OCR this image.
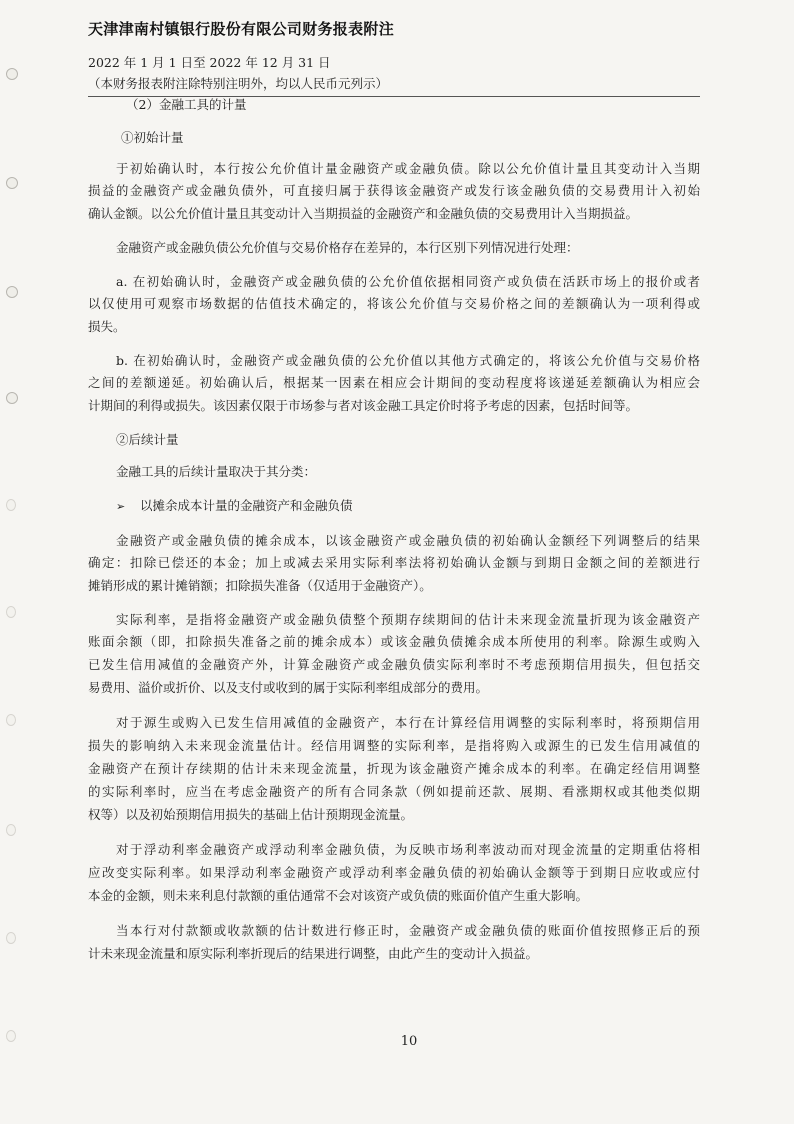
天津津南村镇银行股份有限公司财务报表附注
2022 年 1 月 1 日至 2022 年 12 月 31 日
（本财务报表附注除特别注明外，均以人民币元列示）
（2）金融工具的计量
①初始计量
于初始确认时，本行按公允价值计量金融资产或金融负债。除以公允价值计量且其变动计入当期
损益的金融资产或金融负债外，可直接归属于获得该金融资产或发行该金融负债的交易费用计入初始
确认金额。以公允价值计量且其变动计入当期损益的金融资产和金融负债的交易费用计入当期损益。
金融资产或金融负债公允价值与交易价格存在差异的，本行区别下列情况进行处理：
a. 在初始确认时，金融资产或金融负债的公允价值依据相同资产或负债在活跃市场上的报价或者
以仅使用可观察市场数据的估值技术确定的，将该公允价值与交易价格之间的差额确认为一项利得或
损失。
b. 在初始确认时，金融资产或金融负债的公允价值以其他方式确定的，将该公允价值与交易价格
之间的差额递延。初始确认后，根据某一因素在相应会计期间的变动程度将该递延差额确认为相应会
计期间的利得或损失。该因素仅限于市场参与者对该金融工具定价时将予考虑的因素，包括时间等。
②后续计量
金融工具的后续计量取决于其分类：
➢ 以摊余成本计量的金融资产和金融负债
金融资产或金融负债的摊余成本，以该金融资产或金融负债的初始确认金额经下列调整后的结果
确定：扣除已偿还的本金；加上或减去采用实际利率法将初始确认金额与到期日金额之间的差额进行
摊销形成的累计摊销额；扣除损失准备（仅适用于金融资产）。
实际利率，是指将金融资产或金融负债整个预期存续期间的估计未来现金流量折现为该金融资产
账面余额（即，扣除损失准备之前的摊余成本）或该金融负债摊余成本所使用的利率。除源生或购入
已发生信用减值的金融资产外，计算金融资产或金融负债实际利率时不考虑预期信用损失，但包括交
易费用、溢价或折价、以及支付或收到的属于实际利率组成部分的费用。
对于源生或购入已发生信用减值的金融资产，本行在计算经信用调整的实际利率时，将预期信用
损失的影响纳入未来现金流量估计。经信用调整的实际利率，是指将购入或源生的已发生信用减值的
金融资产在预计存续期的估计未来现金流量，折现为该金融资产摊余成本的利率。在确定经信用调整
的实际利率时，应当在考虑金融资产的所有合同条款（例如提前还款、展期、看涨期权或其他类似期
权等）以及初始预期信用损失的基础上估计预期现金流量。
对于浮动利率金融资产或浮动利率金融负债，为反映市场利率波动而对现金流量的定期重估将相
应改变实际利率。如果浮动利率金融资产或浮动利率金融负债的初始确认金额等于到期日应收或应付
本金的金额，则未来利息付款额的重估通常不会对该资产或负债的账面价值产生重大影响。
当本行对付款额或收款额的估计数进行修正时，金融资产或金融负债的账面价值按照修正后的预
计未来现金流量和原实际利率折现后的结果进行调整，由此产生的变动计入损益。
10
